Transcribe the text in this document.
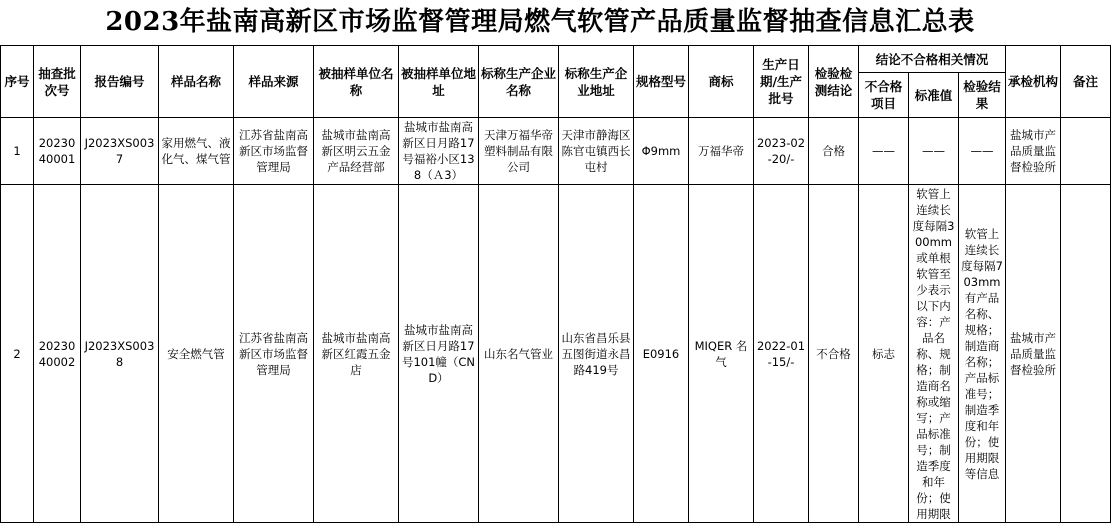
2023年盐南高新区市场监督管理局燃气软管产品质量监督抽查信息汇总表
序号	抽查批次号	报告编号	样品名称	样品来源	被抽样单位名称	被抽样单位地址	标称生产企业名称	标称生产企业地址	规格型号	商标	生产日期/生产批号	检验检测结论	结论不合格相关情况			承检机构	备注
													不合格项目	标准值	检验结果		
1	2023040001	J2023XS0037	家用燃气、液化气、煤气管	江苏省盐南高新区市场监督管理局	盐城市盐南高新区明云五金产品经营部	盐城市盐南高新区日月路17号福裕小区138（Ａ3）	天津万福华帝塑料制品有限公司	天津市静海区陈官屯镇西长屯村	Φ9mm	万福华帝	2023-02-20/-	合格	——	——	——	盐城市产品质量监督检验所	
2	2023040002	J2023XS0038	安全燃气管	江苏省盐南高新区市场监督管理局	盐城市盐南高新区红霞五金店	盐城市盐南高新区日月路17号101幢（CND）	山东名气管业	山东省昌乐县五图街道永昌路419号	E0916	MIQER 名气	2022-01-15/-	不合格	标志	软管上连续长度每隔300mm或单根软管至少表示以下内容：产品名称、规格；制造商名称或缩写；产品标准号；制造季度和年份；使用期限	软管上连续长度每隔703mm有产品名称、规格；制造商名称；产品标准号；制造季度和年份；使用期限等信息	盐城市产品质量监督检验所	
